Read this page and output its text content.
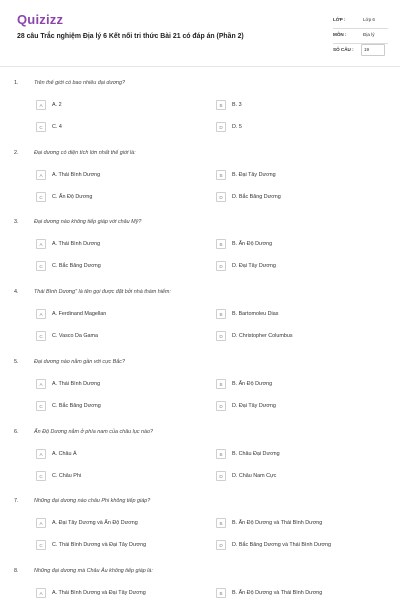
Quizizz
28 câu Trắc nghiệm Địa lý 6 Kết nối tri thức Bài 21 có đáp án (Phần 2)
LỚP :	Lớp 6
MÔN :	Địa lý
SỐ CÂU : 19
1.	Trên thế giới có bao nhiêu đại dương?
A	A. 2	B	B. 3
C	C. 4	D	D. 5
2.	Đại dương có diện tích lớn nhất thế giới là:
A	A. Thái Bình Dương	B	B. Đại Tây Dương
C	C. Ấn Độ Dương	D	D. Bắc Băng Dương
3.	Đại dương nào không tiếp giáp với châu Mỹ?
A	A. Thái Bình Dương	B	B. Ấn Độ Dương
C	C. Bắc Băng Dương	D	D. Đại Tây Dương
4.	Thái Bình Dương" là tên gọi được đặt bởi nhà thám hiểm:
A	A. Ferdinand Magellan	B	B. Bartomoleu Dias
C	C. Vasco Da Gama	D	D. Christopher Columbus
5.	Đại dương nào nằm gần với cực Bắc?
A	A. Thái Bình Dương	B	B. Ấn Độ Dương
C	C. Bắc Băng Dương	D	D. Đại Tây Dương
6.	Ấn Độ Dương nằm ở phía nam của châu lục nào?
A	A. Châu Á	B	B. Châu Đại Dương
C	C. Châu Phi	D	D. Châu Nam Cực
7.	Những đại dương nào châu Phi không tiếp giáp?
A	A. Đại Tây Dương và Ấn Độ Dương	B	B. Ấn Độ Dương và Thái Bình Dương
C	C. Thái Bình Dương và Đại Tây Dương	D	D. Bắc Băng Dương và Thái Bình Dương
8.	Những đại dương mà Châu Âu không tiếp giáp là:
A	A. Thái Bình Dương và Đại Tây Dương	B	B. Ấn Độ Dương và Thái Bình Dương
